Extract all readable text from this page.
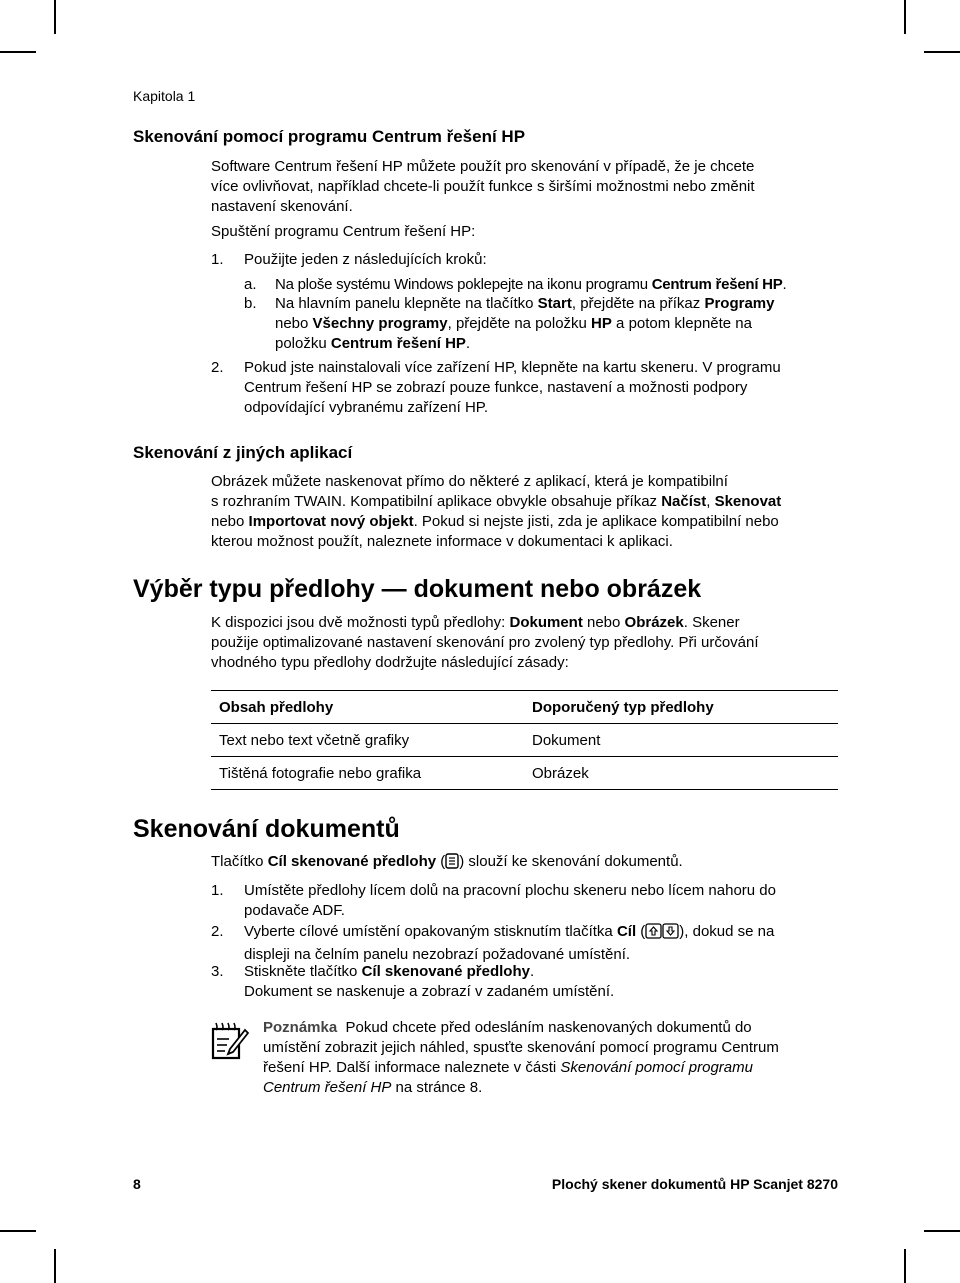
Kapitola 1
Skenování pomocí programu Centrum řešení HP
Software Centrum řešení HP můžete použít pro skenování v případě, že je chcete
více ovlivňovat, například chcete-li použít funkce s širšími možnostmi nebo změnit
nastavení skenování.
Spuštění programu Centrum řešení HP:
1. Použijte jeden z následujících kroků:
a. Na ploše systému Windows poklepejte na ikonu programu Centrum řešení HP.
b. Na hlavním panelu klepněte na tlačítko Start, přejděte na příkaz Programy
nebo Všechny programy, přejděte na položku HP a potom klepněte na
položku Centrum řešení HP.
2. Pokud jste nainstalovali více zařízení HP, klepněte na kartu skeneru. V programu
Centrum řešení HP se zobrazí pouze funkce, nastavení a možnosti podpory
odpovídající vybranému zařízení HP.
Skenování z jiných aplikací
Obrázek můžete naskenovat přímo do některé z aplikací, která je kompatibilní
s rozhraním TWAIN. Kompatibilní aplikace obvykle obsahuje příkaz Načíst, Skenovat
nebo Importovat nový objekt. Pokud si nejste jisti, zda je aplikace kompatibilní nebo
kterou možnost použít, naleznete informace v dokumentaci k aplikaci.
Výběr typu předlohy — dokument nebo obrázek
K dispozici jsou dvě možnosti typů předlohy: Dokument nebo Obrázek. Skener
použije optimalizované nastavení skenování pro zvolený typ předlohy. Při určování
vhodného typu předlohy dodržujte následující zásady:
Obsah předlohy		Doporučený typ předlohy
Text nebo text včetně grafiky		Dokument
Tištěná fotografie nebo grafika		Obrázek
Skenování dokumentů
Tlačítko Cíl skenované předlohy ( ) slouží ke skenování dokumentů.
1. Umístěte předlohy lícem dolů na pracovní plochu skeneru nebo lícem nahoru do
podavače ADF.
2. Vyberte cílové umístění opakovaným stisknutím tlačítka Cíl ( ), dokud se na
displeji na čelním panelu nezobrazí požadované umístění.
3. Stiskněte tlačítko Cíl skenované předlohy.
Dokument se naskenuje a zobrazí v zadaném umístění.
Poznámka Pokud chcete před odesláním naskenovaných dokumentů do
umístění zobrazit jejich náhled, spusťte skenování pomocí programu Centrum
řešení HP. Další informace naleznete v části Skenování pomocí programu
Centrum řešení HP na stránce 8.
8	Plochý skener dokumentů HP Scanjet 8270
